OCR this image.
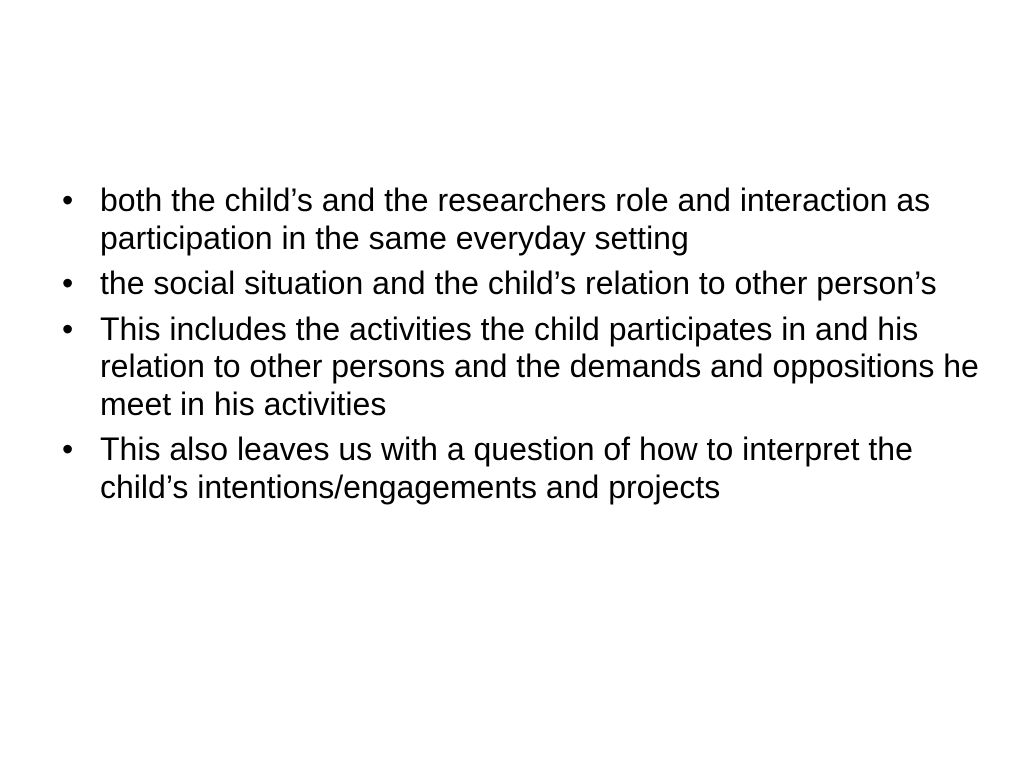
• both the child’s and the researchers role and interaction as participation in the same everyday setting
• the social situation and the child’s relation to other person’s
• This includes the activities the child participates in and his relation to other persons and the demands and oppositions he meet in his activities
• This also leaves us with a question of how to interpret the child’s intentions/engagements and projects
